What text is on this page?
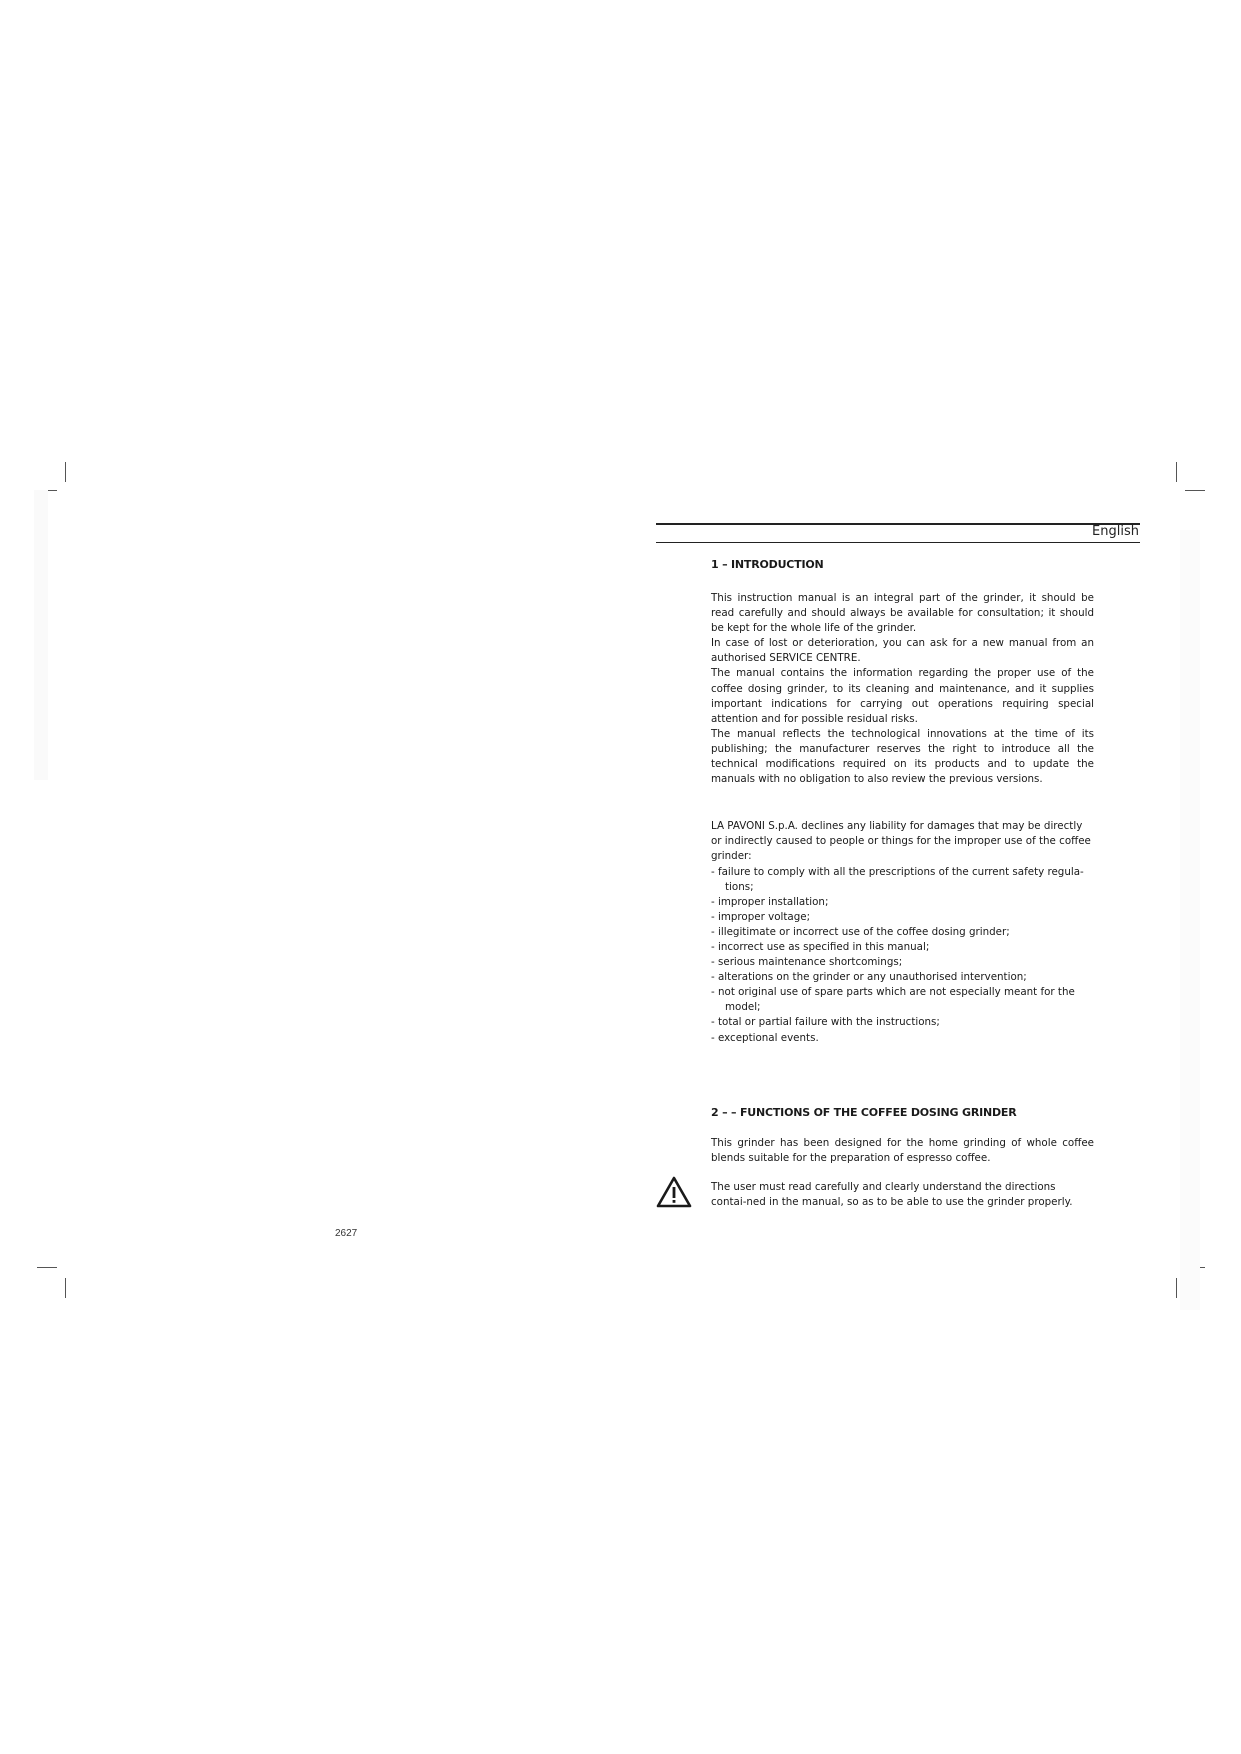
2627
English

1 – INTRODUCTION

This instruction manual is an integral part of the grinder, it should be read carefully and should always be available for consultation; it should be kept for the whole life of the grinder.
In case of lost or deterioration, you can ask for a new manual from an authorised SERVICE CENTRE.
The manual contains the information regarding the proper use of the coffee dosing grinder, to its cleaning and maintenance, and it supplies important indications for carrying out operations requiring special attention and for possible residual risks.
The manual reflects the technological innovations at the time of its publishing; the manufacturer reserves the right to introduce all the technical modifications required on its products and to update the manuals with no obligation to also review the previous versions.

LA PAVONI S.p.A. declines any liability for damages that may be directly or indirectly caused to people or things for the improper use of the coffee grinder:

- failure to comply with all the prescriptions of the current safety regula-tions;
- improper installation;
- improper voltage;
- illegitimate or incorrect use of the coffee dosing grinder;
- incorrect use as specified in this manual;
- serious maintenance shortcomings;
- alterations on the grinder or any unauthorised intervention;
- not original use of spare parts which are not especially meant for the model;
- total or partial failure with the instructions;
- exceptional events.

2 – – FUNCTIONS OF THE COFFEE DOSING GRINDER

This grinder has been designed for the home grinding of whole coffee blends suitable for the preparation of espresso coffee.

The user must read carefully and clearly understand the directions contai-ned in the manual, so as to be able to use the grinder properly.
